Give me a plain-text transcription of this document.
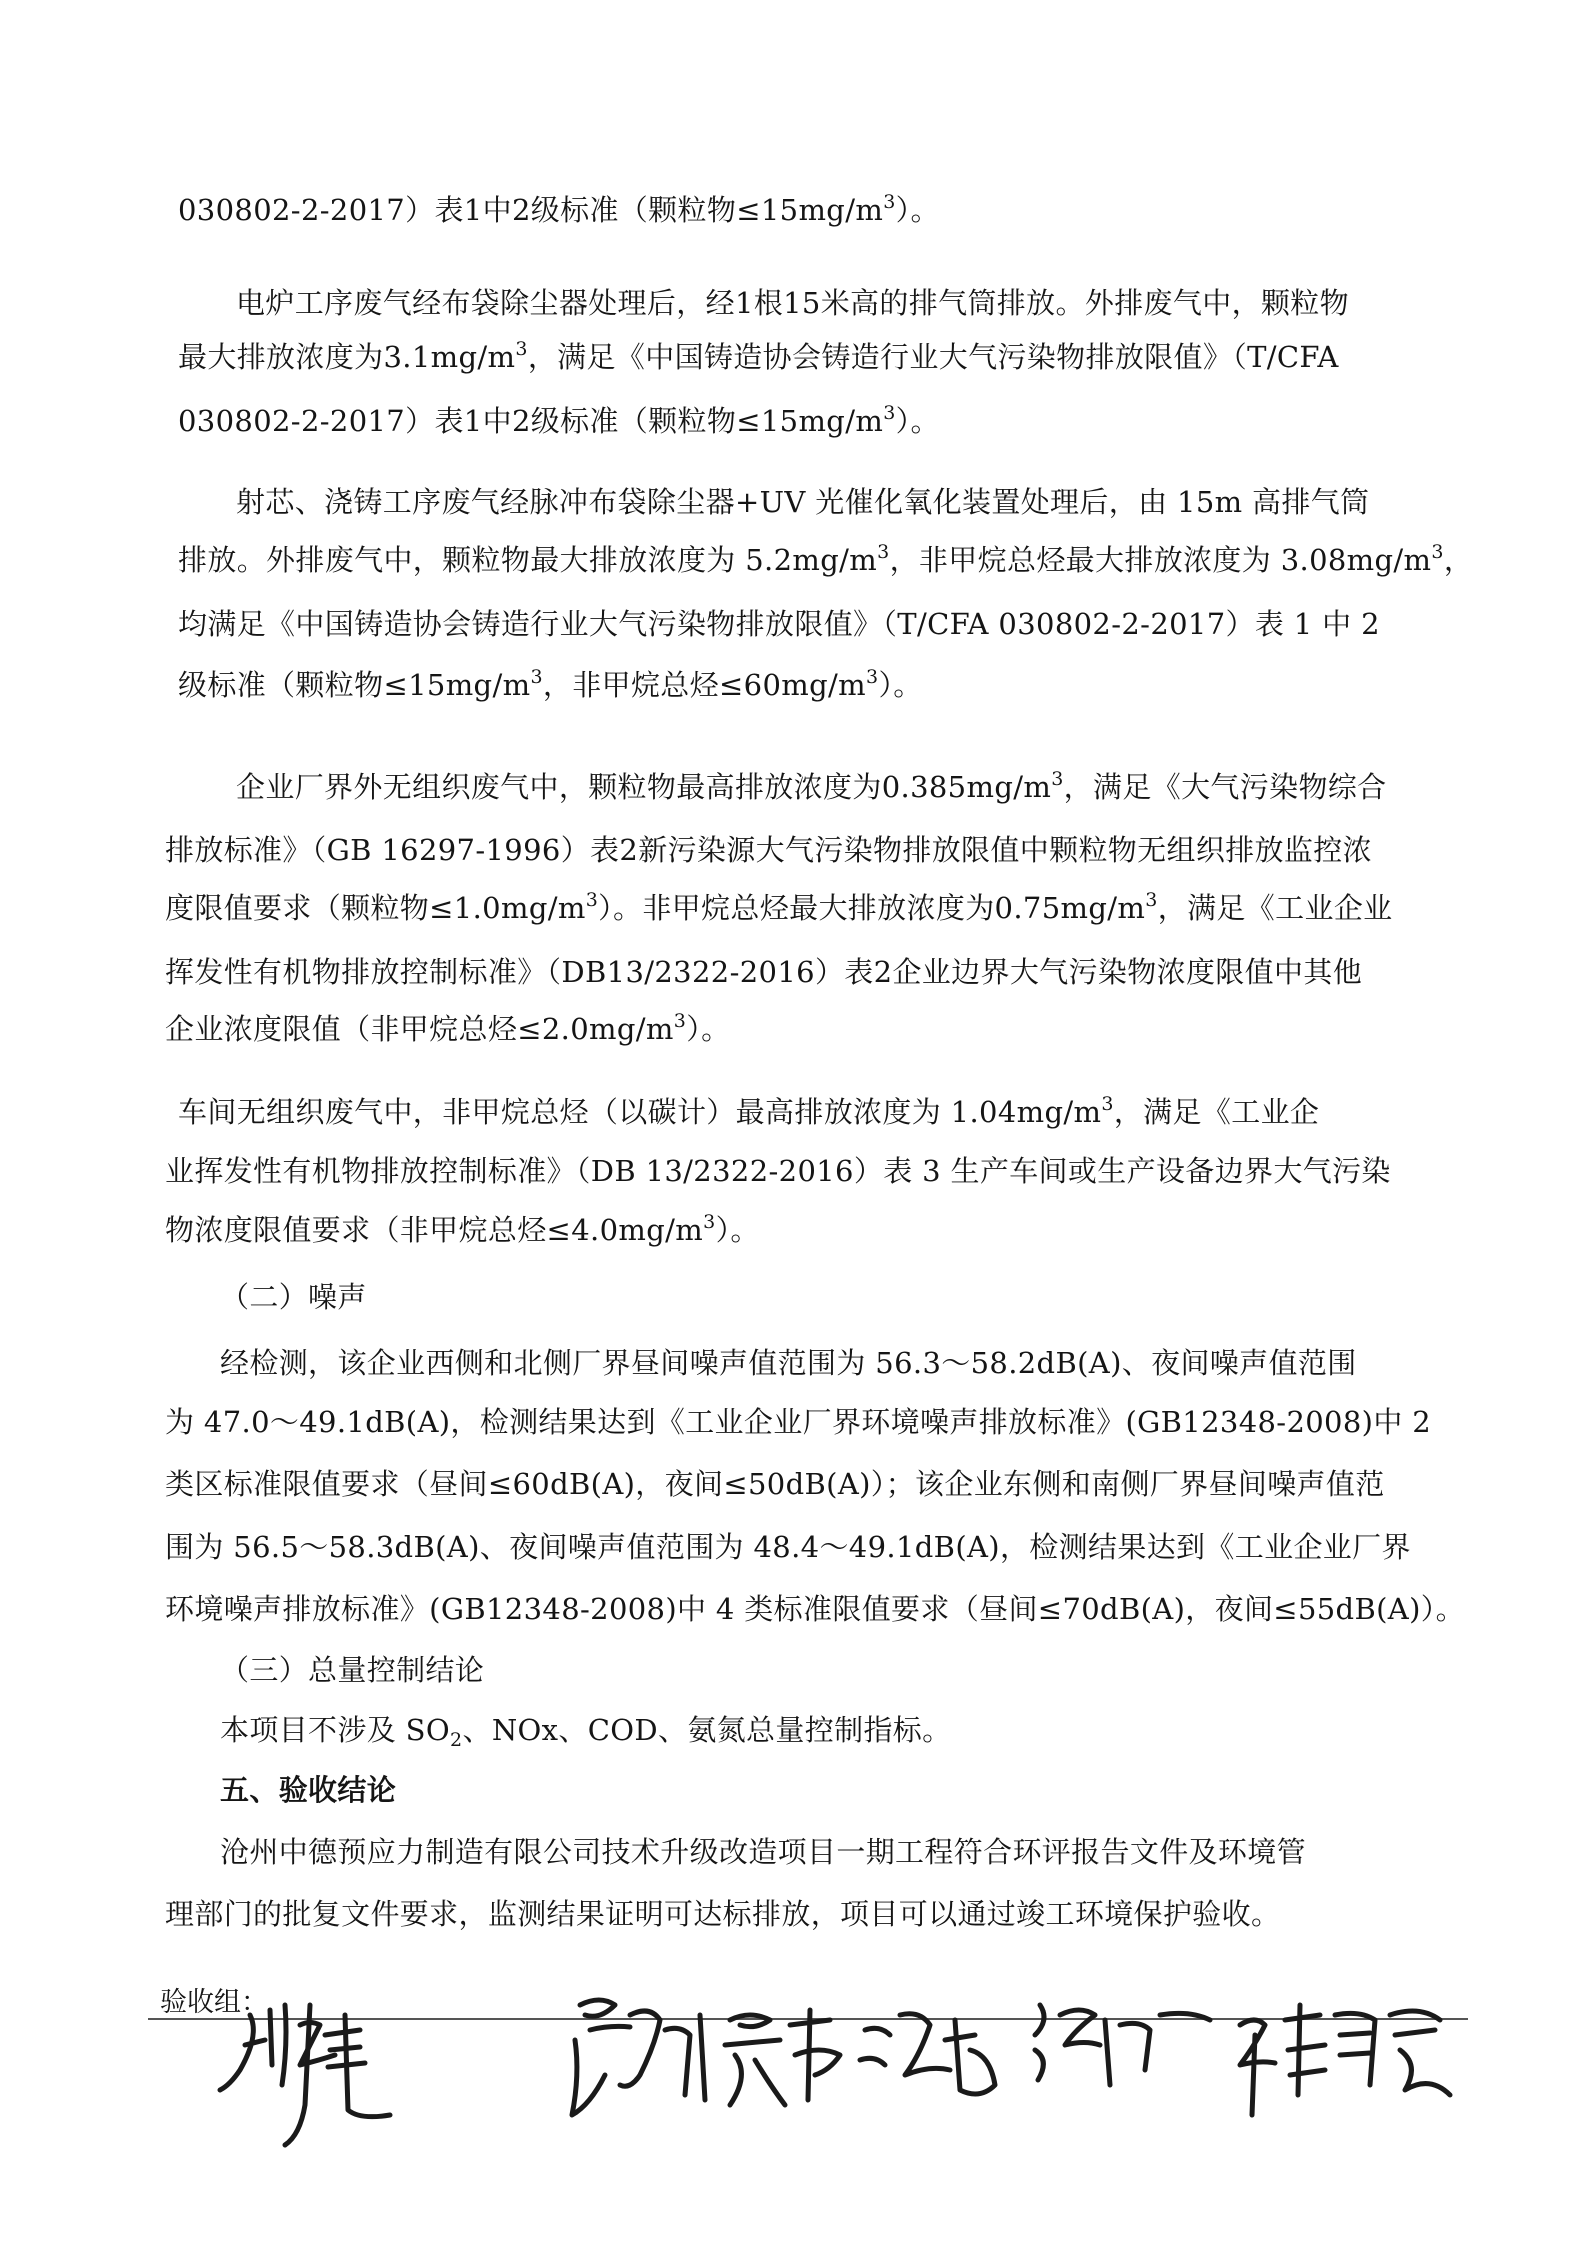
030802-2-2017）表1中2级标准（颗粒物$\le 15mg/m^3$）。

电炉工序废气经布袋除尘器处理后，经1根15米高的排气筒排放。外排废气中，颗粒物

最大排放浓度为$3.1mg/m^3$，满足《中国铸造协会铸造行业大气污染物排放限值》（T/CFA

030802-2-2017）表1中2级标准（颗粒物$\le 15mg/m^3$）。

射芯、浇铸工序废气经脉冲布袋除尘器+UV 光催化氧化装置处理后，由 15m 高排气筒

排放。外排废气中，颗粒物最大排放浓度为 $5.2mg/m^3$，非甲烷总烃最大排放浓度为 $3.08mg/m^3$，

均满足《中国铸造协会铸造行业大气污染物排放限值》（T/CFA 030802-2-2017）表 1 中 2

级标准（颗粒物$\le 15mg/m^3$，非甲烷总烃$\le 60mg/m^3$）。

企业厂界外无组织废气中，颗粒物最高排放浓度为$0.385mg/m^3$，满足《大气污染物综合

排放标准》（GB 16297-1996）表2新污染源大气污染物排放限值中颗粒物无组织排放监控浓

度限值要求（颗粒物$\le 1.0mg/m^3$）。非甲烷总烃最大排放浓度为$0.75mg/m^3$，满足《工业企业

挥发性有机物排放控制标准》（DB13/2322-2016）表2企业边界大气污染物浓度限值中其他

企业浓度限值（非甲烷总烃$\le 2.0mg/m^3$）。

车间无组织废气中，非甲烷总烃（以碳计）最高排放浓度为 $1.04mg/m^3$，满足《工业企

业挥发性有机物排放控制标准》（DB 13/2322-2016）表 3 生产车间或生产设备边界大气污染

物浓度限值要求（非甲烷总烃$\le 4.0mg/m^3$）。

（二）噪声

经检测，该企业西侧和北侧厂界昼间噪声值范围为 56.3～58.2dB(A)、夜间噪声值范围

为 47.0～49.1dB(A)，检测结果达到《工业企业厂界环境噪声排放标准》(GB12348-2008)中 2

类区标准限值要求（昼间≤60dB(A)，夜间≤50dB(A)）；该企业东侧和南侧厂界昼间噪声值范

围为 56.5～58.3dB(A)、夜间噪声值范围为 48.4～49.1dB(A)，检测结果达到《工业企业厂界

环境噪声排放标准》(GB12348-2008)中 4 类标准限值要求（昼间≤70dB(A)，夜间≤55dB(A)）。

（三）总量控制结论

本项目不涉及 $SO_2$、NOx、COD、氨氮总量控制指标。

五、验收结论

沧州中德预应力制造有限公司技术升级改造项目一期工程符合环评报告文件及环境管

理部门的批复文件要求，监测结果证明可达标排放，项目可以通过竣工环境保护验收。

验收组：
